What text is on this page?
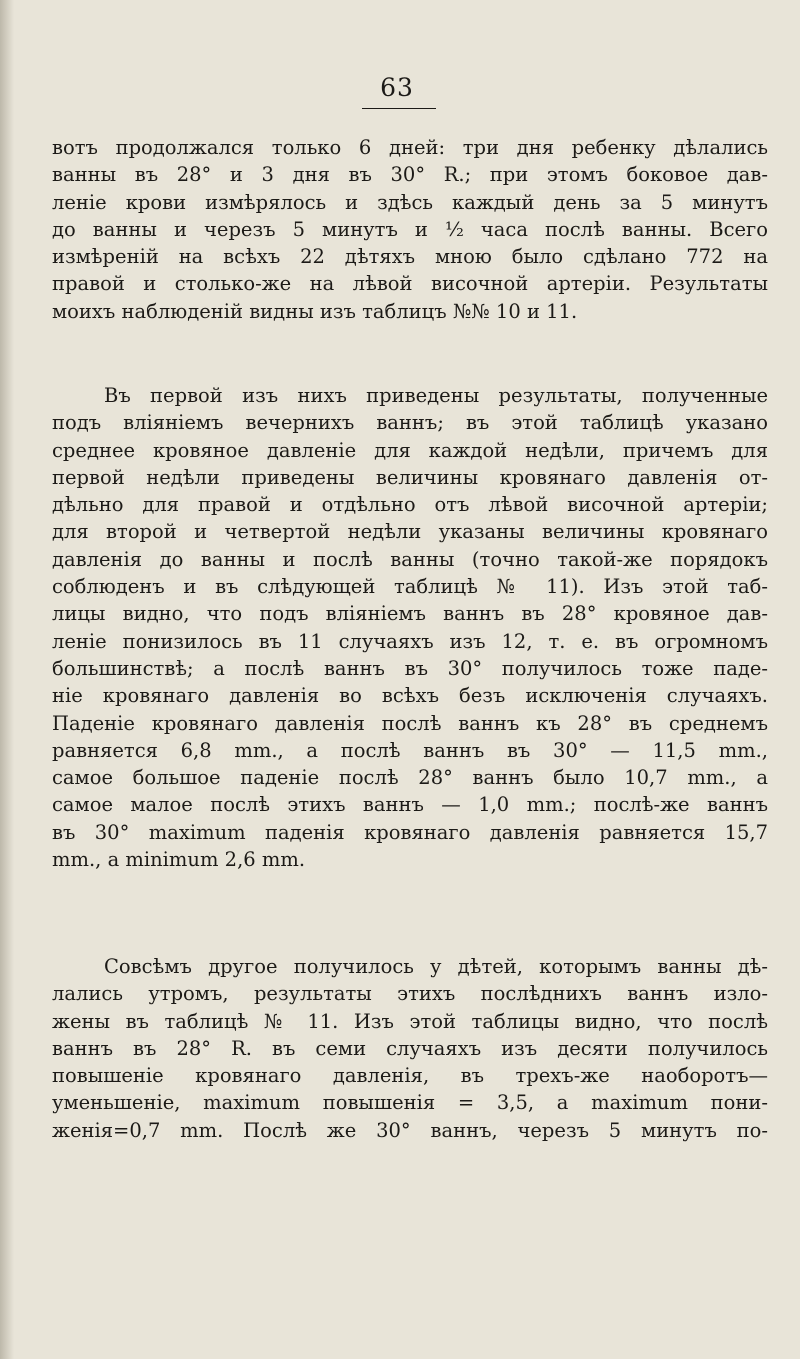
63
вотъ продолжался только 6 дней: три дня ребенку дѣлались
ванны въ 28° и 3 дня въ 30° R.; при этомъ боковое дав-
леніе крови измѣрялось и здѣсь каждый день за 5 минутъ
до ванны и черезъ 5 минутъ и ½ часа послѣ ванны. Всего
измѣреній на всѣхъ 22 дѣтяхъ мною было сдѣлано 772 на
правой и столько-же на лѣвой височной артеріи. Результаты
моихъ наблюденій видны изъ таблицъ №№ 10 и 11.
Въ первой изъ нихъ приведены результаты, полученные
подъ вліяніемъ вечернихъ ваннъ; въ этой таблицѣ указано
среднее кровяное давленіе для каждой недѣли, причемъ для
первой недѣли приведены величины кровянаго давленія от-
дѣльно для правой и отдѣльно отъ лѣвой височной артеріи;
для второй и четвертой недѣли указаны величины кровянаго
давленія до ванны и послѣ ванны (точно такой-же порядокъ
соблюденъ и въ слѣдующей таблицѣ № 11). Изъ этой таб-
лицы видно, что подъ вліяніемъ ваннъ въ 28° кровяное дав-
леніе понизилось въ 11 случаяхъ изъ 12, т. е. въ огромномъ
большинствѣ; а послѣ ваннъ въ 30° получилось тоже паде-
ніе кровянаго давленія во всѣхъ безъ исключенія случаяхъ.
Паденіе кровянаго давленія послѣ ваннъ къ 28° въ среднемъ
равняется 6,8 mm., а послѣ ваннъ въ 30° — 11,5 mm.,
самое большое паденіе послѣ 28° ваннъ было 10,7 mm., а
самое малое послѣ этихъ ваннъ — 1,0 mm.; послѣ-же ваннъ
въ 30° maximum паденія кровянаго давленія равняется 15,7
mm., а minimum 2,6 mm.
Совсѣмъ другое получилось у дѣтей, которымъ ванны дѣ-
лались утромъ, результаты этихъ послѣднихъ ваннъ изло-
жены въ таблицѣ № 11. Изъ этой таблицы видно, что послѣ
ваннъ въ 28° R. въ семи случаяхъ изъ десяти получилось
повышеніе кровянаго давленія, въ трехъ-же наоборотъ—
уменьшеніе, maximum повышенія = 3,5, а maximum пони-
женія=0,7 mm. Послѣ же 30° ваннъ, черезъ 5 минутъ по-
